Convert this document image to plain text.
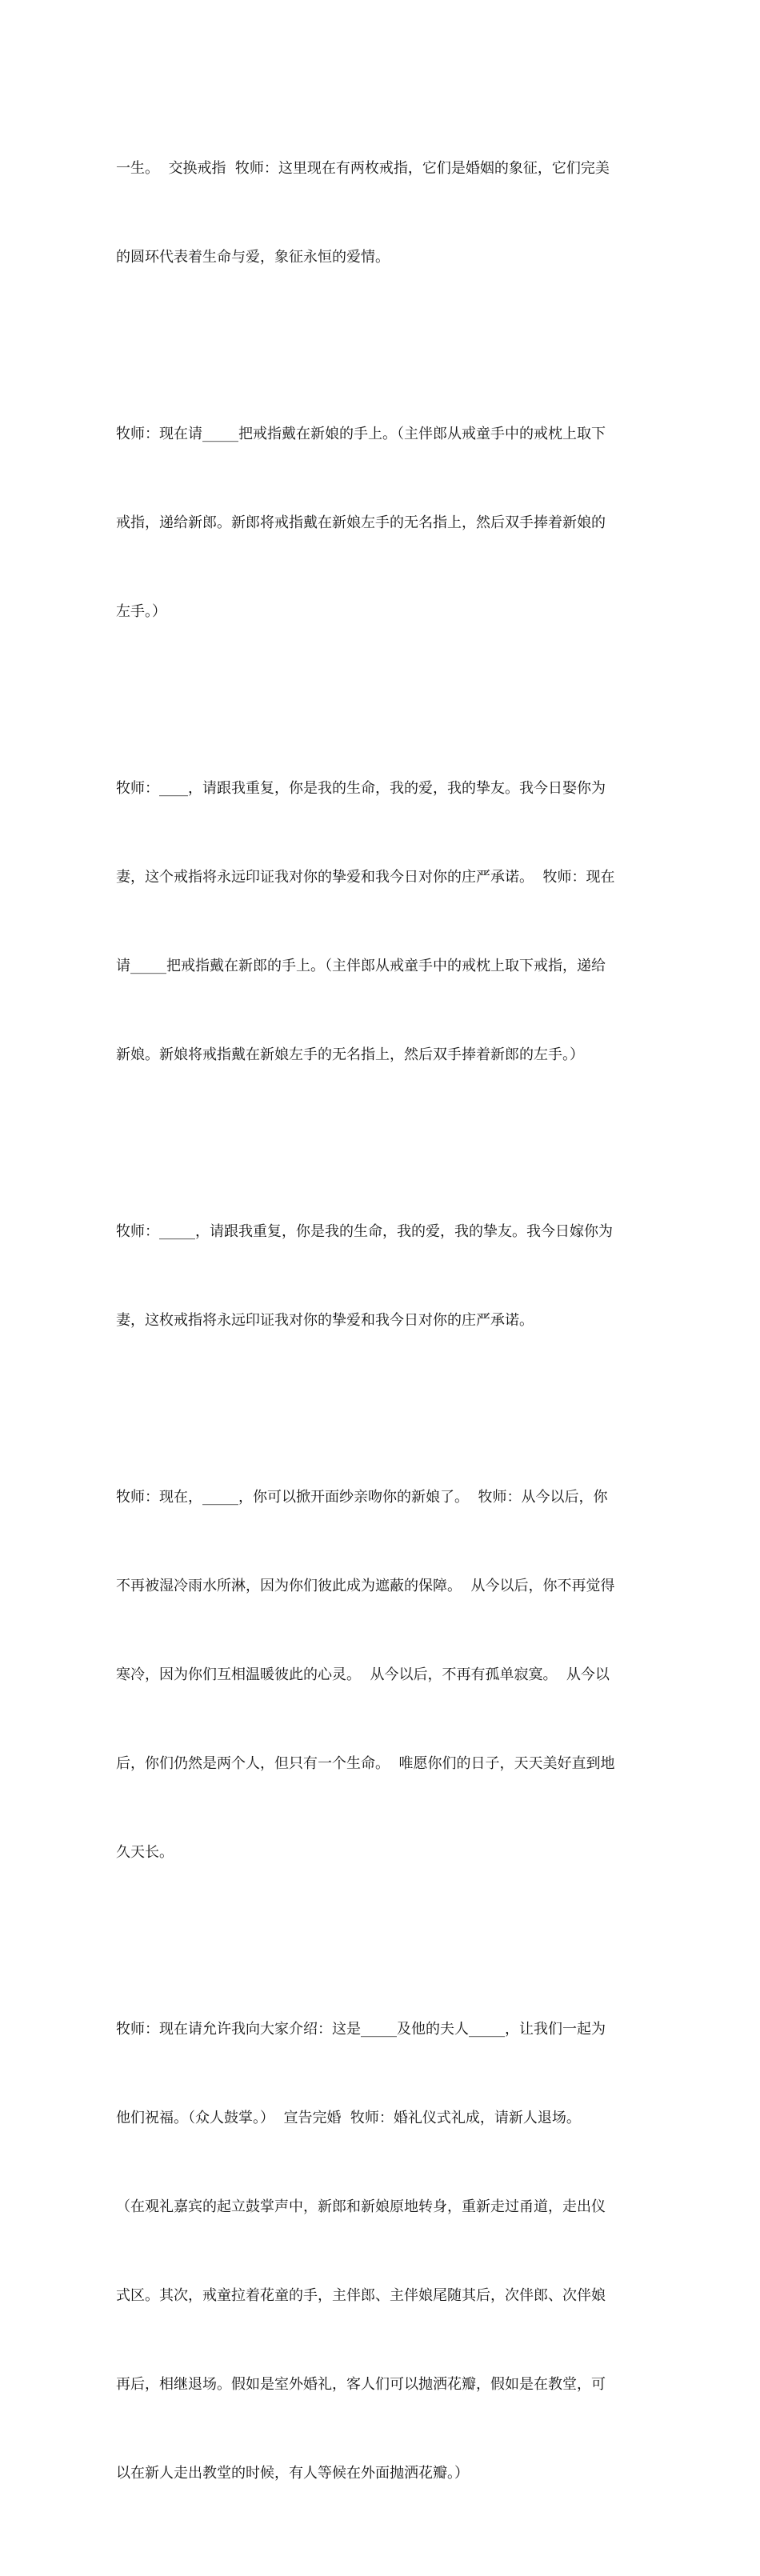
一生。  交换戒指  牧师：这里现在有两枚戒指，它们是婚姻的象征，它们完美

的圆环代表着生命与爱，象征永恒的爱情。

牧师：现在请_____把戒指戴在新娘的手上。（主伴郎从戒童手中的戒枕上取下

戒指，递给新郎。新郎将戒指戴在新娘左手的无名指上，然后双手捧着新娘的

左手。）

牧师：____，请跟我重复，你是我的生命，我的爱，我的挚友。我今日娶你为

妻，这个戒指将永远印证我对你的挚爱和我今日对你的庄严承诺。  牧师：现在

请_____把戒指戴在新郎的手上。（主伴郎从戒童手中的戒枕上取下戒指，递给

新娘。新娘将戒指戴在新娘左手的无名指上，然后双手捧着新郎的左手。）

牧师：_____，请跟我重复，你是我的生命，我的爱，我的挚友。我今日嫁你为

妻，这枚戒指将永远印证我对你的挚爱和我今日对你的庄严承诺。

牧师：现在，_____，你可以掀开面纱亲吻你的新娘了。  牧师：从今以后，你

不再被湿冷雨水所淋，因为你们彼此成为遮蔽的保障。  从今以后，你不再觉得

寒冷，因为你们互相温暖彼此的心灵。  从今以后，不再有孤单寂寞。  从今以

后，你们仍然是两个人，但只有一个生命。  唯愿你们的日子，天天美好直到地

久天长。

牧师：现在请允许我向大家介绍：这是_____及他的夫人_____，让我们一起为

他们祝福。（众人鼓掌。）  宣告完婚  牧师：婚礼仪式礼成，请新人退场。

（在观礼嘉宾的起立鼓掌声中，新郎和新娘原地转身，重新走过甬道，走出仪

式区。其次，戒童拉着花童的手，主伴郎、主伴娘尾随其后，次伴郎、次伴娘

再后，相继退场。假如是室外婚礼，客人们可以抛洒花瓣，假如是在教堂，可

以在新人走出教堂的时候，有人等候在外面抛洒花瓣。）
